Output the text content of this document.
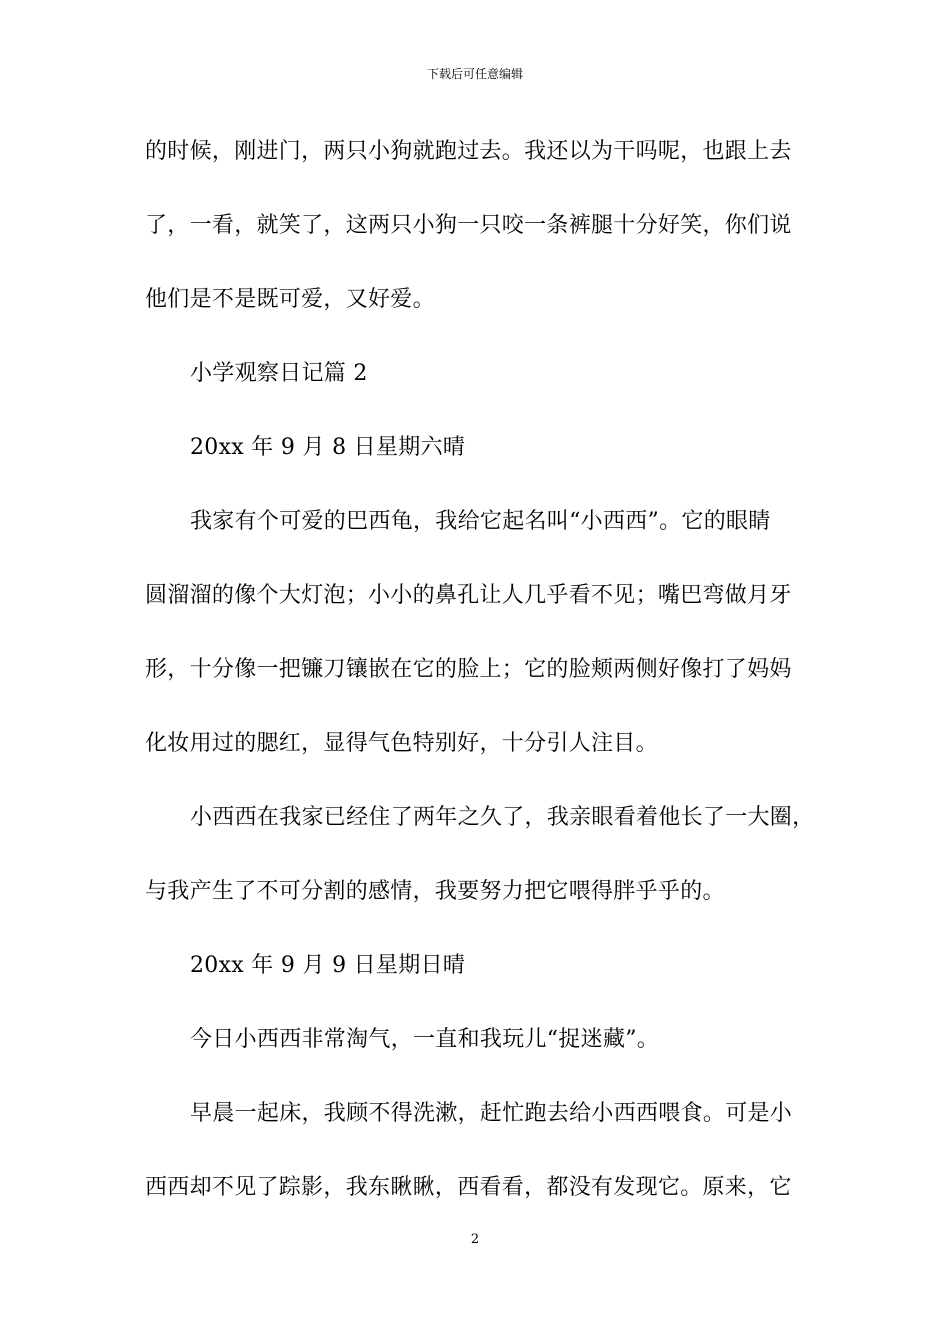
下载后可任意编辑
的时候，刚进门，两只小狗就跑过去。我还以为干吗呢，也跟上去
了，一看，就笑了，这两只小狗一只咬一条裤腿十分好笑，你们说
他们是不是既可爱，又好爱。
小学观察日记篇 2
20xx 年 9 月 8 日星期六晴
我家有个可爱的巴西龟，我给它起名叫“小西西”。它的眼睛
圆溜溜的像个大灯泡；小小的鼻孔让人几乎看不见；嘴巴弯做月牙
形，十分像一把镰刀镶嵌在它的脸上；它的脸颊两侧好像打了妈妈
化妆用过的腮红，显得气色特别好，十分引人注目。
小西西在我家已经住了两年之久了，我亲眼看着他长了一大圈，
与我产生了不可分割的感情，我要努力把它喂得胖乎乎的。
20xx 年 9 月 9 日星期日晴
今日小西西非常淘气，一直和我玩儿“捉迷藏”。
早晨一起床，我顾不得洗漱，赶忙跑去给小西西喂食。可是小
西西却不见了踪影，我东瞅瞅，西看看，都没有发现它。原来，它
2
